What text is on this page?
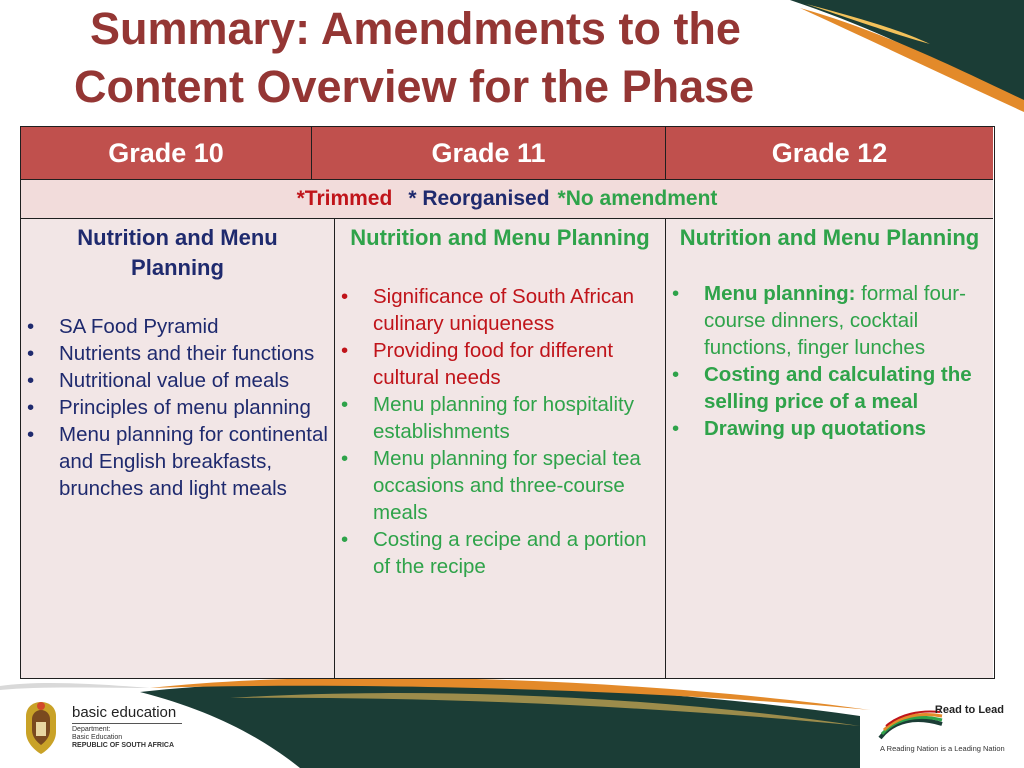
Summary: Amendments to the
Content Overview for the Phase
Grade 10	Grade 11	Grade 12
*Trimmed * Reorganised *No amendment
Nutrition and Menu Planning
• SA Food Pyramid
• Nutrients and their functions
• Nutritional value of meals
• Principles of menu planning
• Menu planning for continental and English breakfasts, brunches and light meals
Nutrition and Menu Planning
• Significance of South African culinary uniqueness
• Providing food for different cultural needs
• Menu planning for hospitality establishments
• Menu planning for special tea   occasions and three-course meals
• Costing a recipe and a portion of the recipe
Nutrition and Menu Planning
• Menu planning: formal four-course dinners, cocktail functions, finger lunches
• Costing and calculating the selling price of a meal
• Drawing up quotations
basic education
Department:
Basic Education
REPUBLIC OF SOUTH AFRICA
Read to Lead
A Reading Nation is a Leading Nation
